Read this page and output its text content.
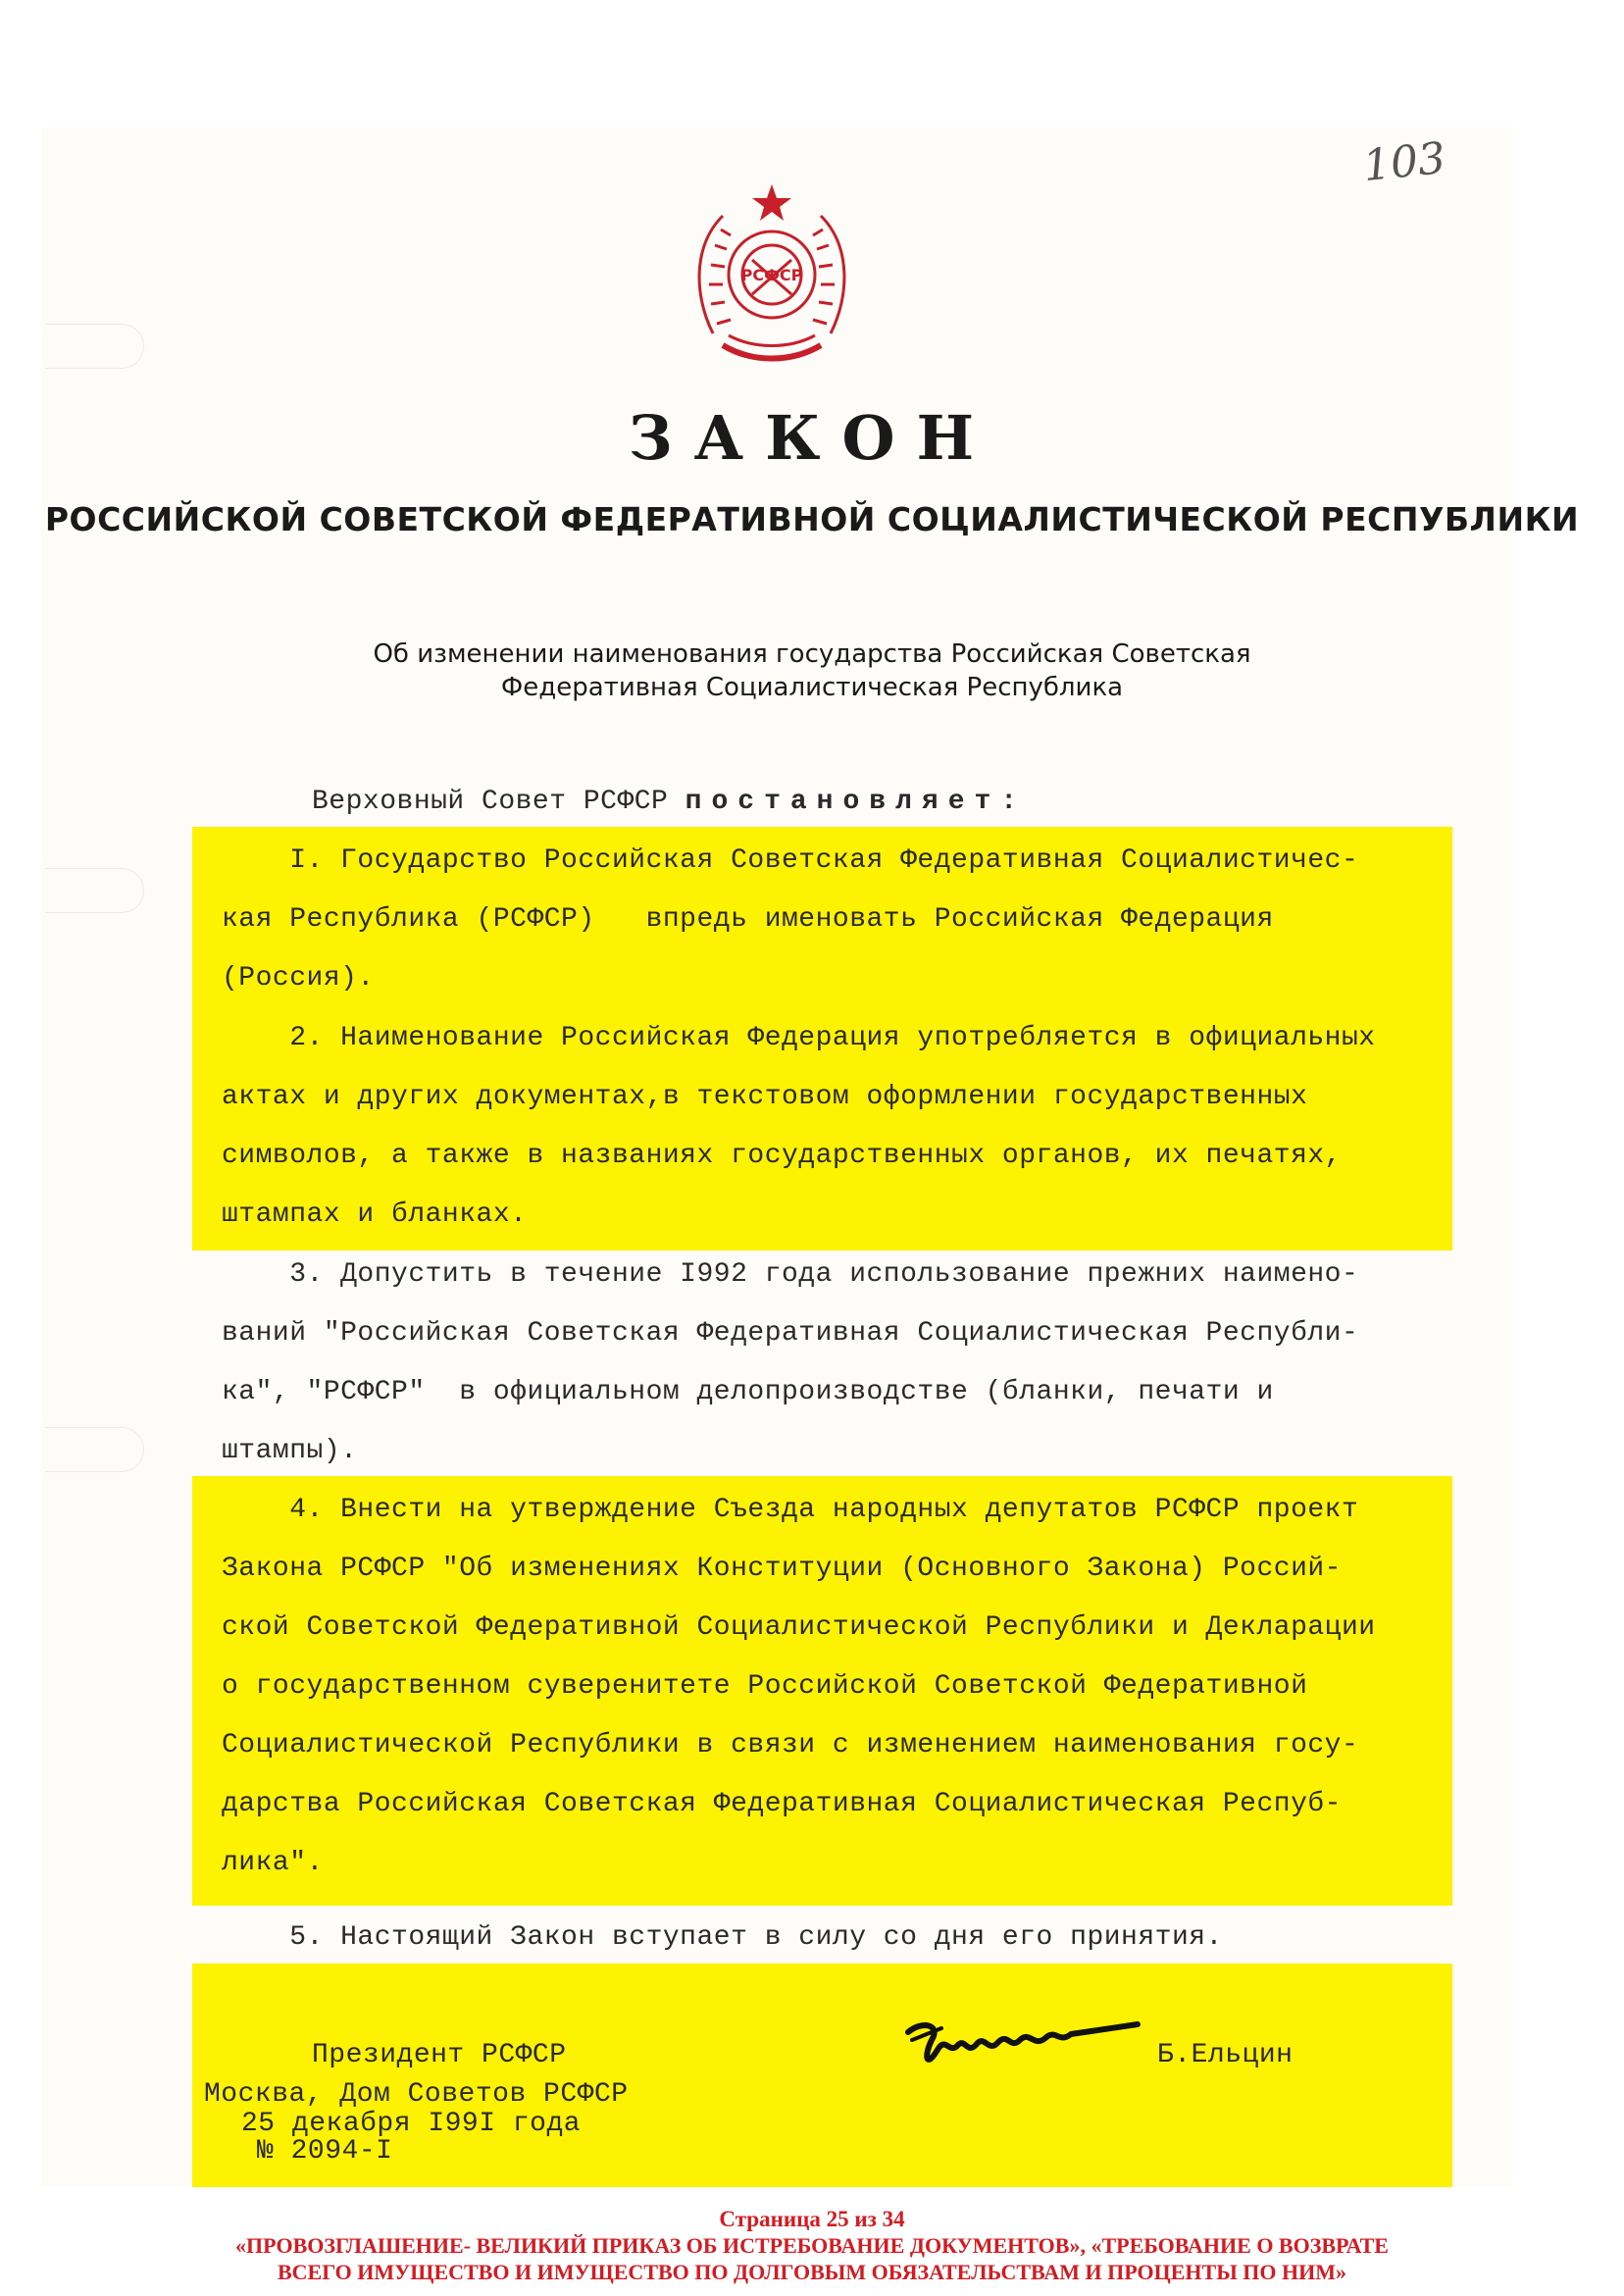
103
РСФСР
ЗАКОН
РОССИЙСКОЙ СОВЕТСКОЙ ФЕДЕРАТИВНОЙ СОЦИАЛИСТИЧЕСКОЙ РЕСПУБЛИКИ
Об изменении наименования государства Российская Советская
Федеративная Социалистическая Республика
Верховный Совет РСФСР постановляет:
I. Государство Российская Советская Федеративная Социалистичес-
кая Республика (РСФСР)   впредь именовать Российская Федерация
(Россия).
2. Наименование Российская Федерация употребляется в официальных
актах и других документах,в текстовом оформлении государственных
символов, а также в названиях государственных органов, их печатях,
штампах и бланках.
3. Допустить в течение I992 года использование прежних наимено-
ваний "Российская Советская Федеративная Социалистическая Республи-
ка", "РСФСР"  в официальном делопроизводстве (бланки, печати и
штампы).
4. Внести на утверждение Съезда народных депутатов РСФСР проект
Закона РСФСР "Об изменениях Конституции (Основного Закона) Россий-
ской Советской Федеративной Социалистической Республики и Декларации
о государственном суверенитете Российской Советской Федеративной
Социалистической Республики в связи с изменением наименования госу-
дарства Российская Советская Федеративная Социалистическая Респуб-
лика".
5. Настоящий Закон вступает в силу со дня его принятия.
Президент РСФСР	Б.Ельцин
Москва, Дом Советов РСФСР
25 декабря I99I года
№ 2094-I
Страница 25 из 34
«ПРОВОЗГЛАШЕНИЕ- ВЕЛИКИЙ ПРИКАЗ ОБ ИСТРЕБОВАНИЕ ДОКУМЕНТОВ», «ТРЕБОВАНИЕ О ВОЗВРАТЕ
ВСЕГО ИМУЩЕСТВО И ИМУЩЕСТВО ПО ДОЛГОВЫМ ОБЯЗАТЕЛЬСТВАМ И ПРОЦЕНТЫ ПО НИМ»
